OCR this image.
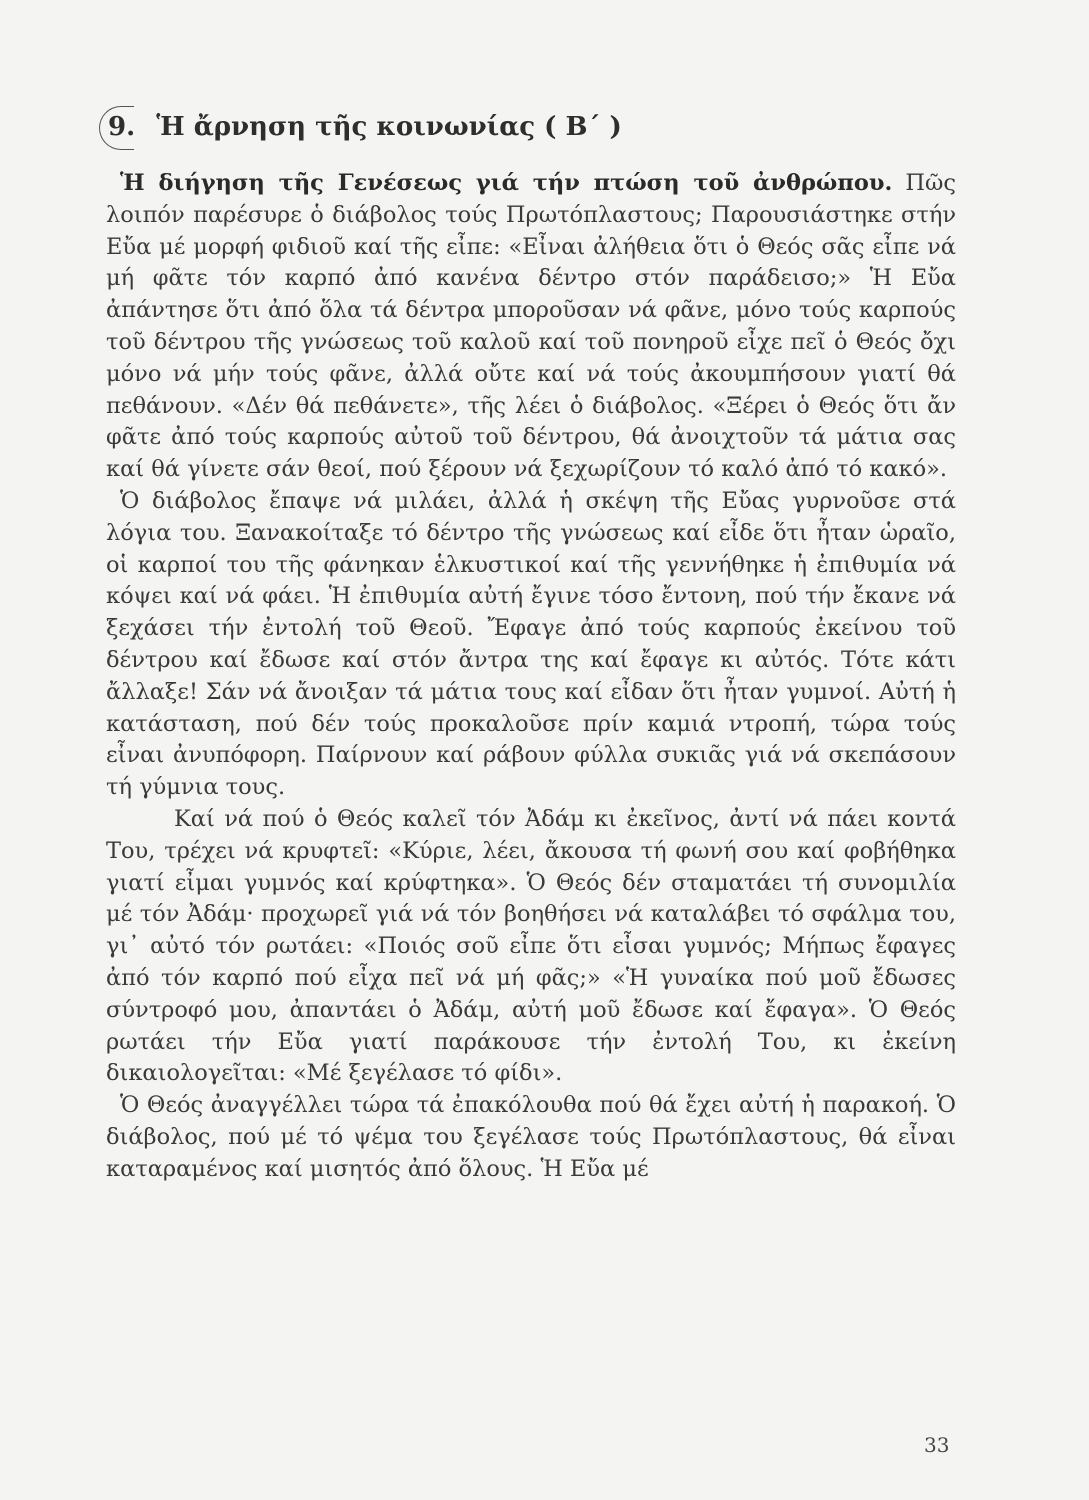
9. Ἡ ἄρνηση τῆς κοινωνίας ( Β΄ )

Ἡ διήγηση τῆς Γενέσεως γιά τήν πτώση τοῦ ἀνθρώπου. Πῶς λοιπόν παρέσυρε ὁ διάβολος τούς Πρωτόπλαστους; Παρουσιάστηκε στήν Εὔα μέ μορφή φιδιοῦ καί τῆς εἶπε: «Εἶναι ἀλήθεια ὅτι ὁ Θεός σᾶς εἶπε νά μή φᾶτε τόν καρπό ἀπό κανένα δέντρο στόν παράδεισο;» Ἡ Εὔα ἀπάντησε ὅτι ἀπό ὅλα τά δέντρα μποροῦσαν νά φᾶνε, μόνο τούς καρπούς τοῦ δέντρου τῆς γνώσεως τοῦ καλοῦ καί τοῦ πονηροῦ εἶχε πεῖ ὁ Θεός ὄχι μόνο νά μήν τούς φᾶνε, ἀλλά οὔτε καί νά τούς ἀκουμπήσουν γιατί θά πεθάνουν. «Δέν θά πεθάνετε», τῆς λέει ὁ διάβολος. «Ξέρει ὁ Θεός ὅτι ἄν φᾶτε ἀπό τούς καρπούς αὐτοῦ τοῦ δέντρου, θά ἀνοιχτοῦν τά μάτια σας καί θά γίνετε σάν θεοί, πού ξέρουν νά ξεχωρίζουν τό καλό ἀπό τό κακό».

Ὁ διάβολος ἔπαψε νά μιλάει, ἀλλά ἡ σκέψη τῆς Εὔας γυρνοῦσε στά λόγια του. Ξανακοίταξε τό δέντρο τῆς γνώσεως καί εἶδε ὅτι ἦταν ὡραῖο, οἱ καρποί του τῆς φάνηκαν ἑλκυστικοί καί τῆς γεννήθηκε ἡ ἐπιθυμία νά κόψει καί νά φάει. Ἡ ἐπιθυμία αὐτή ἔγινε τόσο ἔντονη, πού τήν ἔκανε νά ξεχάσει τήν ἐντολή τοῦ Θεοῦ. Ἔφαγε ἀπό τούς καρπούς ἐκείνου τοῦ δέντρου καί ἔδωσε καί στόν ἄντρα της καί ἔφαγε κι αὐτός. Τότε κάτι ἄλλαξε! Σάν νά ἄνοιξαν τά μάτια τους καί εἶδαν ὅτι ἦταν γυμνοί. Αὐτή ἡ κατάσταση, πού δέν τούς προκαλοῦσε πρίν καμιά ντροπή, τώρα τούς εἶναι ἀνυπόφορη. Παίρνουν καί ράβουν φύλλα συκιᾶς γιά νά σκεπάσουν τή γύμνια τους.

Καί νά πού ὁ Θεός καλεῖ τόν Ἀδάμ κι ἐκεῖνος, ἀντί νά πάει κοντά Του, τρέχει νά κρυφτεῖ: «Κύριε, λέει, ἄκουσα τή φωνή σου καί φοβήθηκα γιατί εἶμαι γυμνός καί κρύφτηκα». Ὁ Θεός δέν σταματάει τή συνομιλία μέ τόν Ἀδάμ· προχωρεῖ γιά νά τόν βοηθήσει νά καταλάβει τό σφάλμα του, γι᾿ αὐτό τόν ρωτάει: «Ποιός σοῦ εἶπε ὅτι εἶσαι γυμνός; Μήπως ἔφαγες ἀπό τόν καρπό πού εἶχα πεῖ νά μή φᾶς;» «Ἡ γυναίκα πού μοῦ ἔδωσες σύντροφό μου, ἀπαντάει ὁ Ἀδάμ, αὐτή μοῦ ἔδωσε καί ἔφαγα». Ὁ Θεός ρωτάει τήν Εὔα γιατί παράκουσε τήν ἐντολή Του, κι ἐκείνη δικαιολογεῖται: «Μέ ξεγέλασε τό φίδι».

Ὁ Θεός ἀναγγέλλει τώρα τά ἐπακόλουθα πού θά ἔχει αὐτή ἡ παρακοή. Ὁ διάβολος, πού μέ τό ψέμα του ξεγέλασε τούς Πρωτόπλαστους, θά εἶναι καταραμένος καί μισητός ἀπό ὅλους. Ἡ Εὔα μέ

33
